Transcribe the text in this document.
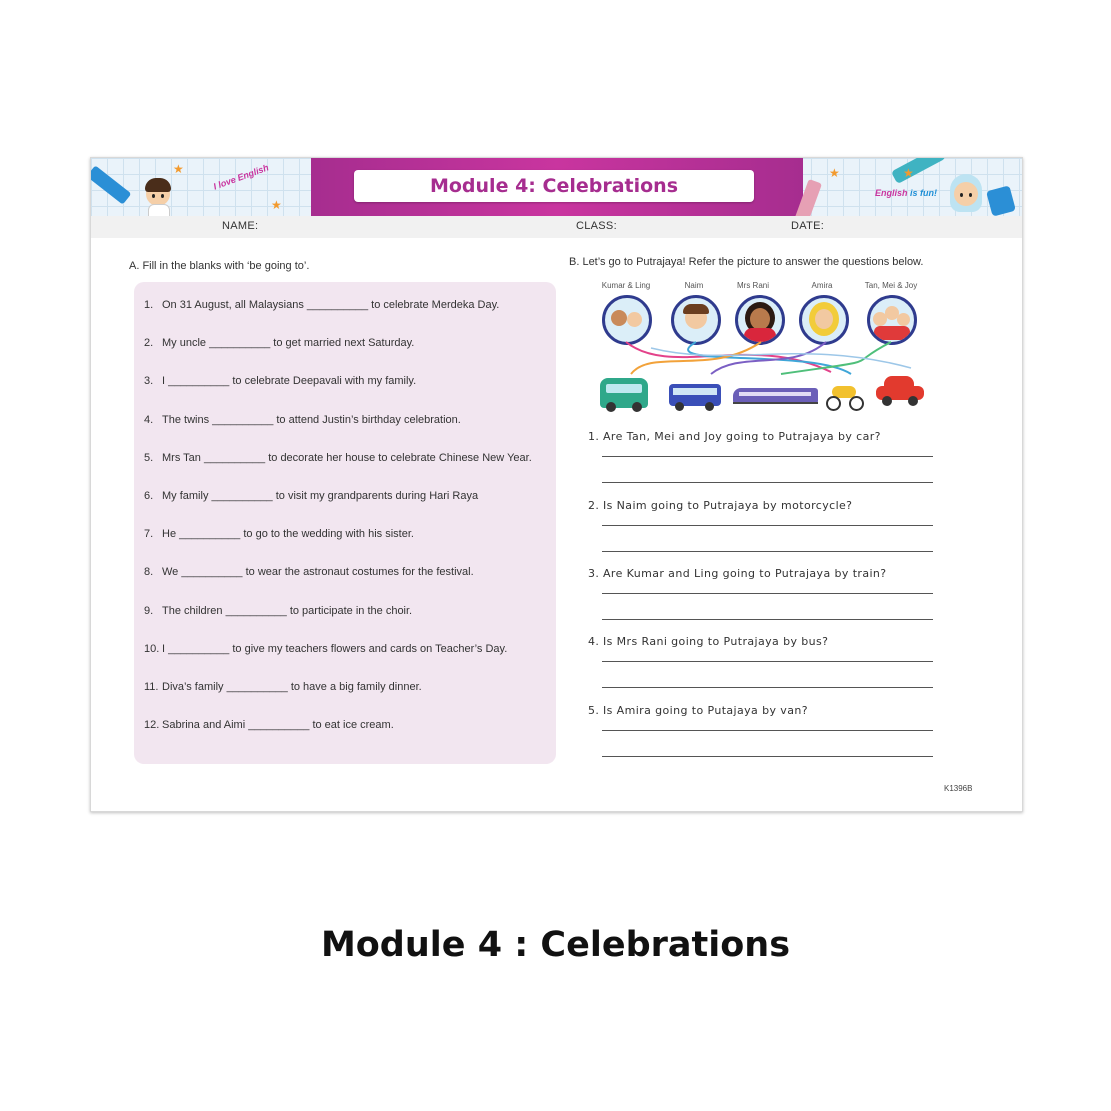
★
★
I love English	Module 4: Celebrations
★	★
English is fun!
NAME:	CLASS:	DATE:
A. Fill in the blanks with ‘be going to’.
1. On 31 August, all Malaysians __________ to celebrate Merdeka Day.
2. My uncle __________ to get married next Saturday.
3. I __________ to celebrate Deepavali with my family.
4. The twins __________ to attend Justin’s birthday celebration.
5. Mrs Tan __________ to decorate her house to celebrate Chinese New Year.
6. My family __________ to visit my grandparents during Hari Raya
7. He __________ to go to the wedding with his sister.
8. We __________ to wear the astronaut costumes for the festival.
9. The children __________ to participate in the choir.
10. I __________ to give my teachers flowers and cards on Teacher’s Day.
11. Diva’s family __________ to have a big family dinner.
12. Sabrina and Aimi __________ to eat ice cream.
B. Let’s go to Putrajaya! Refer the picture to answer the questions below.
Kumar & Ling	Naim	Mrs Rani	Amira	Tan, Mei & Joy
1. Are Tan, Mei and Joy going to Putrajaya by car?
2. Is Naim going to Putrajaya by motorcycle?
3. Are Kumar and Ling going to Putrajaya by train?
4. Is Mrs Rani going to Putrajaya by bus?
5. Is Amira going to Putajaya by van?
K1396B
Module 4 : Celebrations
